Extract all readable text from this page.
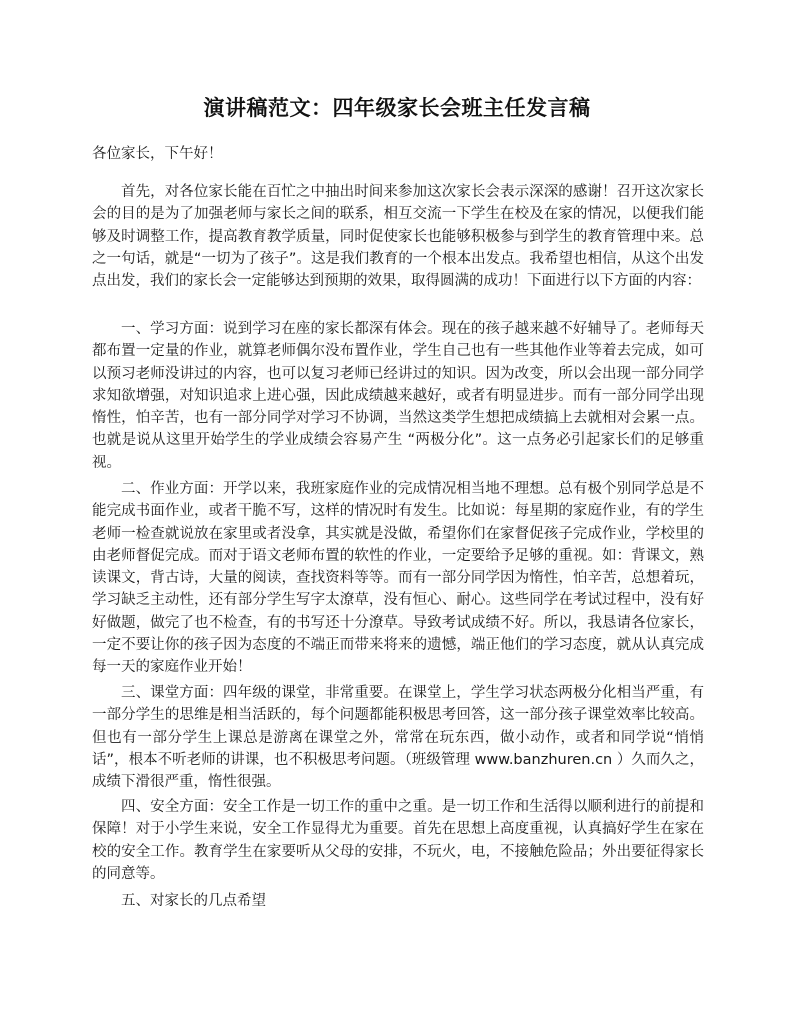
演讲稿范文：四年级家长会班主任发言稿
各位家长，下午好！
首先，对各位家长能在百忙之中抽出时间来参加这次家长会表示深深的感谢！召开这次家长会的目的是为了加强老师与家长之间的联系，相互交流一下学生在校及在家的情况，以便我们能够及时调整工作，提高教育教学质量，同时促使家长也能够积极参与到学生的教育管理中来。总之一句话，就是“一切为了孩子”。这是我们教育的一个根本出发点。我希望也相信，从这个出发点出发，我们的家长会一定能够达到预期的效果，取得圆满的成功！下面进行以下方面的内容：
一、学习方面：说到学习在座的家长都深有体会。现在的孩子越来越不好辅导了。老师每天都布置一定量的作业，就算老师偶尔没布置作业，学生自己也有一些其他作业等着去完成，如可以预习老师没讲过的内容，也可以复习老师已经讲过的知识。因为改变，所以会出现一部分同学求知欲增强，对知识追求上进心强，因此成绩越来越好，或者有明显进步。而有一部分同学出现惰性，怕辛苦，也有一部分同学对学习不协调，当然这类学生想把成绩搞上去就相对会累一点。也就是说从这里开始学生的学业成绩会容易产生 “两极分化”。这一点务必引起家长们的足够重视。
二、作业方面：开学以来，我班家庭作业的完成情况相当地不理想。总有极个别同学总是不能完成书面作业，或者干脆不写，这样的情况时有发生。比如说：每星期的家庭作业，有的学生老师一检查就说放在家里或者没拿，其实就是没做，希望你们在家督促孩子完成作业，学校里的由老师督促完成。而对于语文老师布置的软性的作业，一定要给予足够的重视。如：背课文，熟读课文，背古诗，大量的阅读，查找资料等等。而有一部分同学因为惰性，怕辛苦，总想着玩，学习缺乏主动性，还有部分学生写字太潦草，没有恒心、耐心。这些同学在考试过程中，没有好好做题，做完了也不检查，有的书写还十分潦草。导致考试成绩不好。所以，我恳请各位家长，一定不要让你的孩子因为态度的不端正而带来将来的遗憾，端正他们的学习态度，就从认真完成每一天的家庭作业开始！
三、课堂方面：四年级的课堂，非常重要。在课堂上，学生学习状态两极分化相当严重，有一部分学生的思维是相当活跃的，每个问题都能积极思考回答，这一部分孩子课堂效率比较高。但也有一部分学生上课总是游离在课堂之外，常常在玩东西，做小动作，或者和同学说“悄悄话”，根本不听老师的讲课，也不积极思考问题。（班级管理 www.banzhuren.cn ）久而久之，成绩下滑很严重，惰性很强。
四、安全方面：安全工作是一切工作的重中之重。是一切工作和生活得以顺利进行的前提和保障！对于小学生来说，安全工作显得尤为重要。首先在思想上高度重视，认真搞好学生在家在校的安全工作。教育学生在家要听从父母的安排，不玩火，电，不接触危险品；外出要征得家长的同意等。
五、对家长的几点希望
